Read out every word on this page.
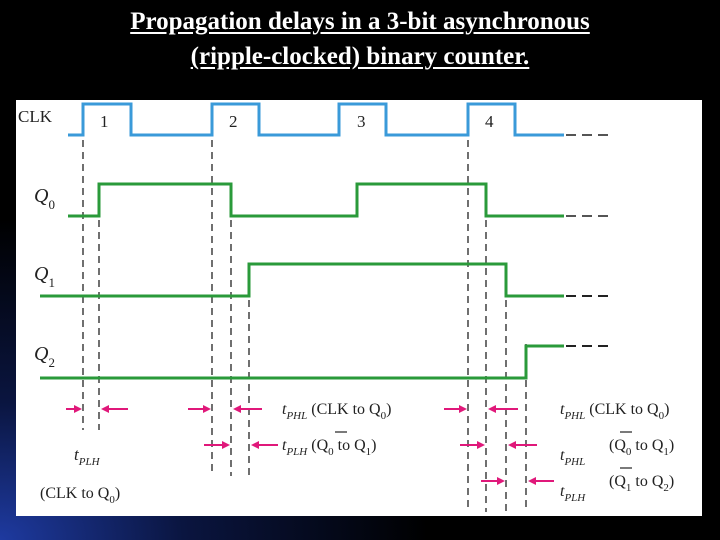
Propagation delays in a 3-bit asynchronous
(ripple-clocked) binary counter.
CLK	1	2	3	4
$Q_0$
$Q_1$
$Q_2$
$t_{PLH}$
(CLK to $Q_0$)
$t_{PHL}$ (CLK to $Q_0$)
$t_{PLH}$ ($Q_0$ to $Q_1$)
$t_{PHL}$ (CLK to $Q_0$)
$t_{PHL}$
($Q_0$ to $Q_1$)
$t_{PLH}$
($Q_1$ to $Q_2$)
